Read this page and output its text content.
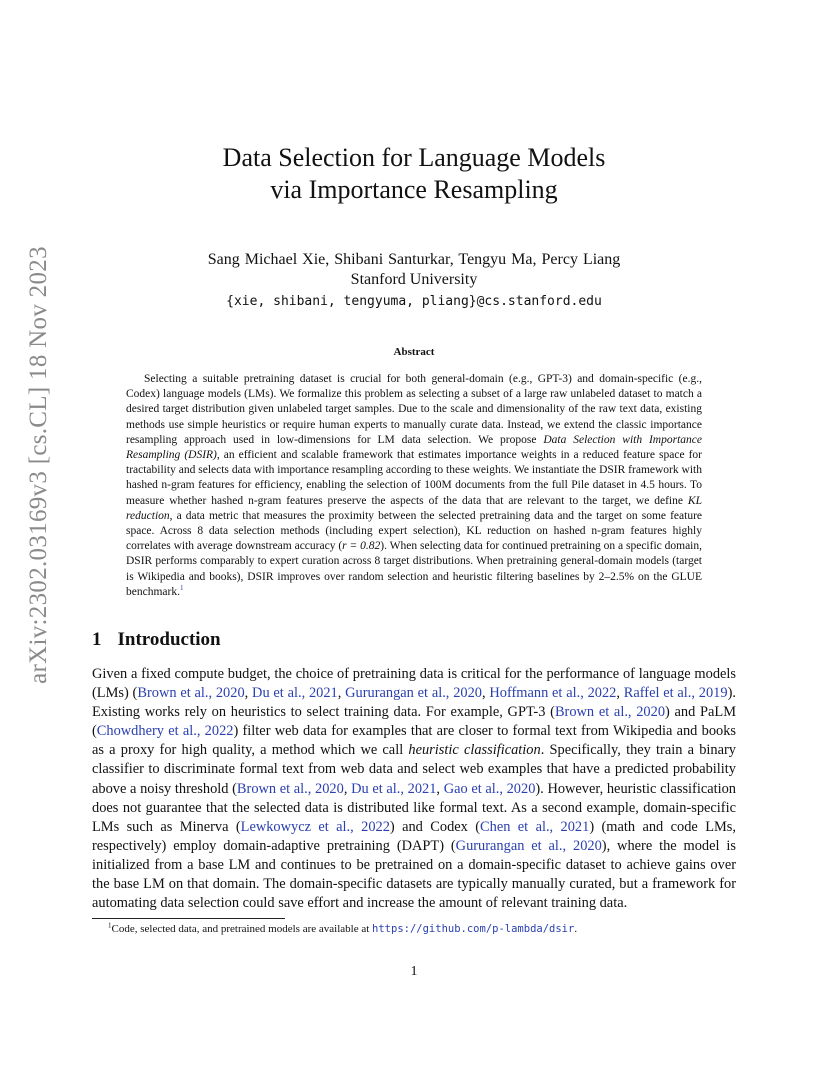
arXiv:2302.03169v3 [cs.CL] 18 Nov 2023
Data Selection for Language Models
via Importance Resampling
Sang Michael Xie, Shibani Santurkar, Tengyu Ma, Percy Liang
Stanford University
{xie, shibani, tengyuma, pliang}@cs.stanford.edu
Abstract
Selecting a suitable pretraining dataset is crucial for both general-domain (e.g., GPT-3) and domain-specific (e.g., Codex) language models (LMs). We formalize this problem as selecting a subset of a large raw unlabeled dataset to match a desired target distribution given unlabeled target samples. Due to the scale and dimensionality of the raw text data, existing methods use simple heuristics or require human experts to manually curate data. Instead, we extend the classic importance resampling approach used in low-dimensions for LM data selection. We propose Data Selection with Importance Resampling (DSIR), an efficient and scalable framework that estimates importance weights in a reduced feature space for tractability and selects data with importance resampling according to these weights. We instantiate the DSIR framework with hashed n-gram features for efficiency, enabling the selection of 100M documents from the full Pile dataset in 4.5 hours. To measure whether hashed n-gram features preserve the aspects of the data that are relevant to the target, we define KL reduction, a data metric that measures the proximity between the selected pretraining data and the target on some feature space. Across 8 data selection methods (including expert selection), KL reduction on hashed n-gram features highly correlates with average downstream accuracy (r = 0.82). When selecting data for continued pretraining on a specific domain, DSIR performs comparably to expert curation across 8 target distributions. When pretraining general-domain models (target is Wikipedia and books), DSIR improves over random selection and heuristic filtering baselines by 2–2.5% on the GLUE benchmark.$^1$
1 Introduction
Given a fixed compute budget, the choice of pretraining data is critical for the performance of language models (LMs) (Brown et al., 2020, Du et al., 2021, Gururangan et al., 2020, Hoffmann et al., 2022, Raffel et al., 2019). Existing works rely on heuristics to select training data. For example, GPT-3 (Brown et al., 2020) and PaLM (Chowdhery et al., 2022) filter web data for examples that are closer to formal text from Wikipedia and books as a proxy for high quality, a method which we call heuristic classification. Specifically, they train a binary classifier to discriminate formal text from web data and select web examples that have a predicted probability above a noisy threshold (Brown et al., 2020, Du et al., 2021, Gao et al., 2020). However, heuristic classification does not guarantee that the selected data is distributed like formal text. As a second example, domain-specific LMs such as Minerva (Lewkowycz et al., 2022) and Codex (Chen et al., 2021) (math and code LMs, respectively) employ domain-adaptive pretraining (DAPT) (Gururangan et al., 2020), where the model is initialized from a base LM and continues to be pretrained on a domain-specific dataset to achieve gains over the base LM on that domain. The domain-specific datasets are typically manually curated, but a framework for automating data selection could save effort and increase the amount of relevant training data.
$^1$Code, selected data, and pretrained models are available at https://github.com/p-lambda/dsir.
1
